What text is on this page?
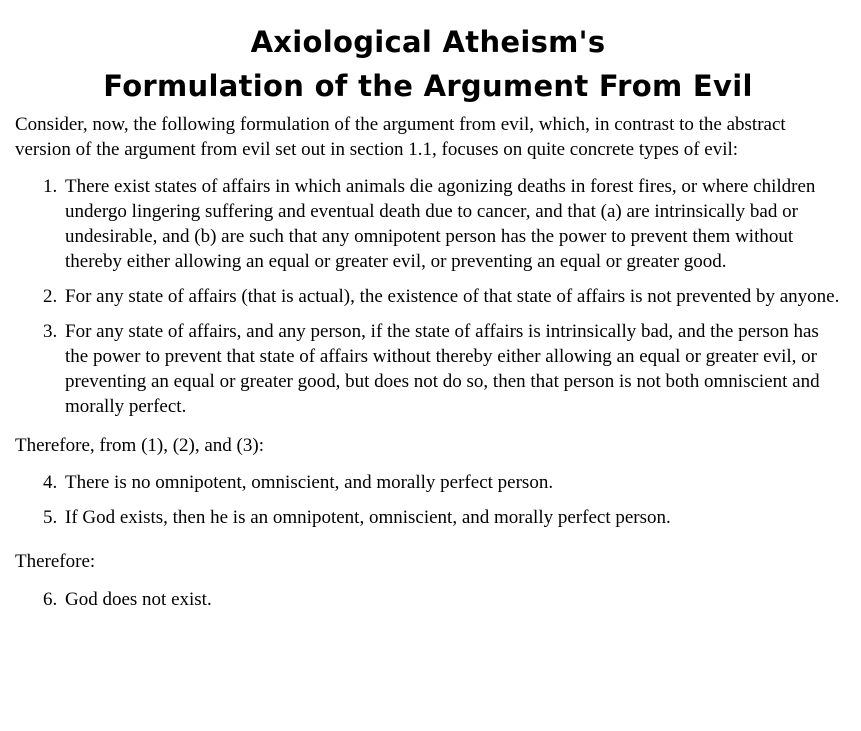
Axiological Atheism's
Formulation of the Argument From Evil

Consider, now, the following formulation of the argument from evil, which, in contrast to the abstract version of the argument from evil set out in section 1.1, focuses on quite concrete types of evil:

1. There exist states of affairs in which animals die agonizing deaths in forest fires, or where children undergo lingering suffering and eventual death due to cancer, and that (a) are intrinsically bad or undesirable, and (b) are such that any omnipotent person has the power to prevent them without thereby either allowing an equal or greater evil, or preventing an equal or greater good.
2. For any state of affairs (that is actual), the existence of that state of affairs is not prevented by anyone.
3. For any state of affairs, and any person, if the state of affairs is intrinsically bad, and the person has the power to prevent that state of affairs without thereby either allowing an equal or greater evil, or preventing an equal or greater good, but does not do so, then that person is not both omniscient and morally perfect.

Therefore, from (1), (2), and (3):

4. There is no omnipotent, omniscient, and morally perfect person.
5. If God exists, then he is an omnipotent, omniscient, and morally perfect person.

Therefore:

6. God does not exist.
